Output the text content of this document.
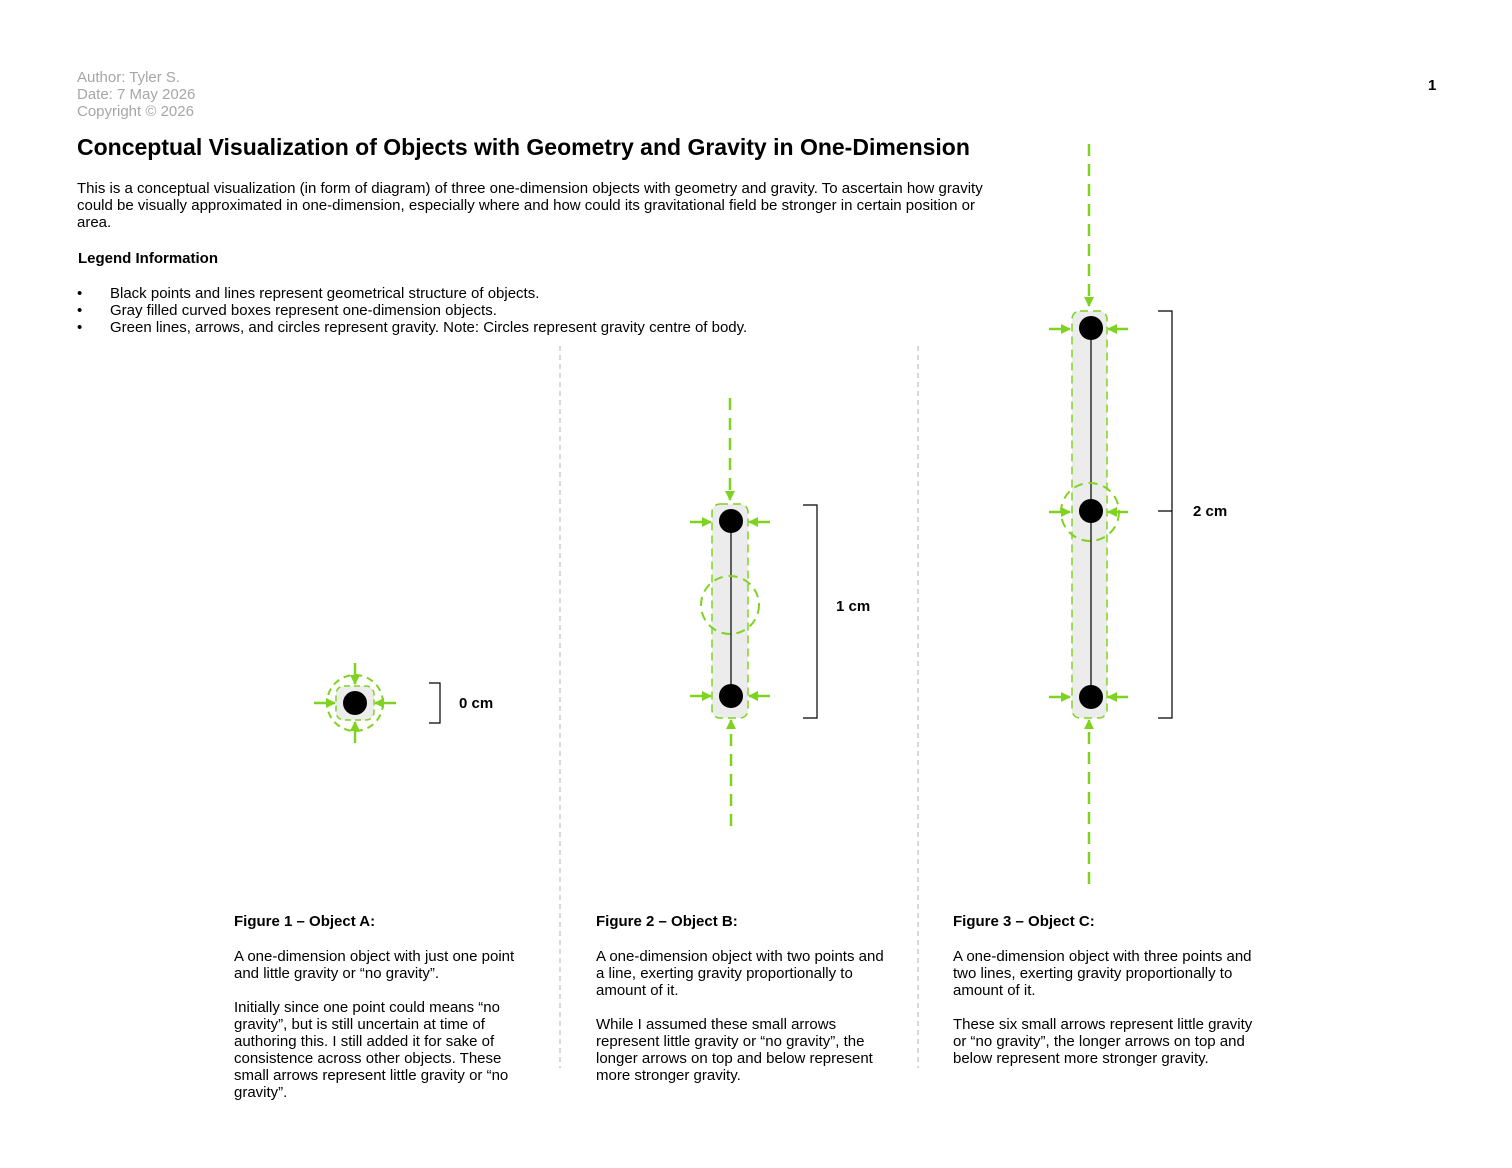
Author: Tyler S.
Date: 7 May 2026
Copyright © 2026
1
Conceptual Visualization of Objects with Geometry and Gravity in One-Dimension

This is a conceptual visualization (in form of diagram) of three one-dimension objects with geometry and gravity. To ascertain how gravity could be visually approximated in one-dimension, especially where and how could its gravitational field be stronger in certain position or area.

Legend Information
• Black points and lines represent geometrical structure of objects.
• Gray filled curved boxes represent one-dimension objects.
• Green lines, arrows, and circles represent gravity. Note: Circles represent gravity centre of body.
0 cm
1 cm
2 cm
Figure 1 – Object A:

A one-dimension object with just one point and little gravity or “no gravity”.

Initially since one point could means “no gravity”, but is still uncertain at time of authoring this. I still added it for sake of consistence across other objects. These small arrows represent little gravity or “no gravity”.

Figure 2 – Object B:

A one-dimension object with two points and a line, exerting gravity proportionally to amount of it.

While I assumed these small arrows represent little gravity or “no gravity”, the longer arrows on top and below represent more stronger gravity.

Figure 3 – Object C:

A one-dimension object with three points and two lines, exerting gravity proportionally to amount of it.

These six small arrows represent little gravity or “no gravity”, the longer arrows on top and below represent more stronger gravity.
